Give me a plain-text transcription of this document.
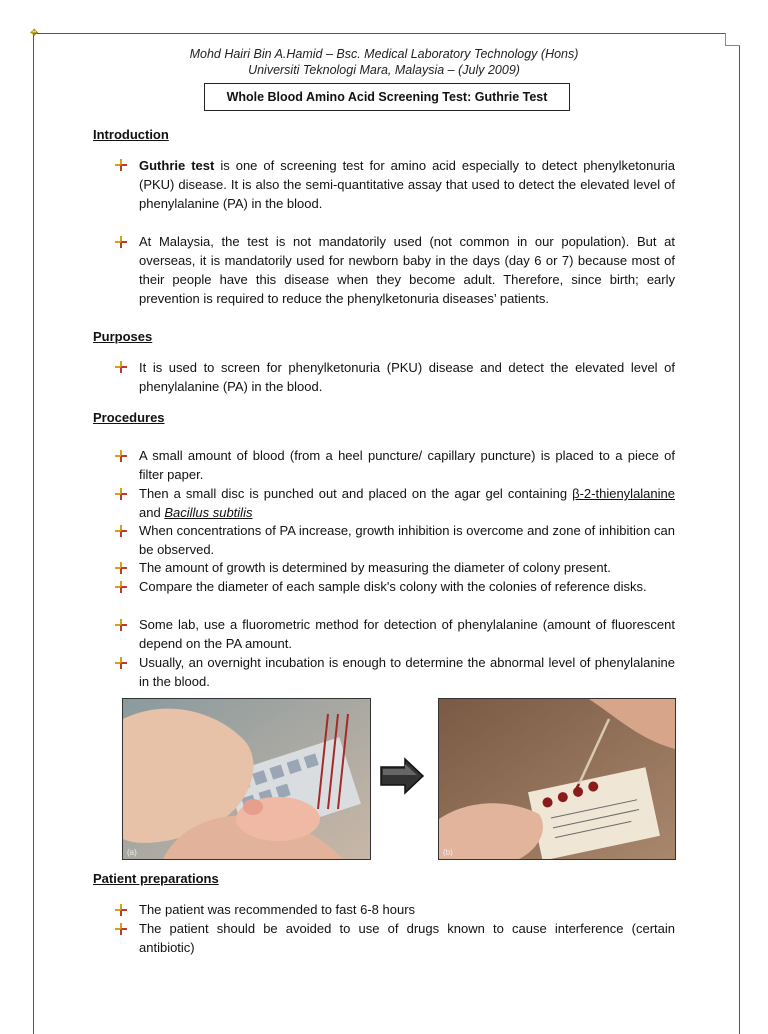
✥
Mohd Hairi Bin A.Hamid – Bsc. Medical Laboratory Technology (Hons)
Universiti Teknologi Mara, Malaysia – (July 2009)
Whole Blood Amino Acid Screening Test: Guthrie Test
Introduction
Guthrie test is one of screening test for amino acid especially to detect phenylketonuria (PKU) disease. It is also the semi-quantitative assay that used to detect the elevated level of phenylalanine (PA) in the blood.
At Malaysia, the test is not mandatorily used (not common in our population). But at overseas, it is mandatorily used for newborn baby in the days (day 6 or 7) because most of their people have this disease when they become adult. Therefore, since birth; early prevention is required to reduce the phenylketonuria diseases’ patients.
Purposes
It is used to screen for phenylketonuria (PKU) disease and detect the elevated level of phenylalanine (PA) in the blood.
Procedures
A small amount of blood (from a heel puncture/ capillary puncture) is placed to a piece of filter paper.
Then a small disc is punched out and placed on the agar gel containing β-2-thienylalanine and Bacillus subtilis
When concentrations of PA increase, growth inhibition is overcome and zone of inhibition can be observed.
The amount of growth is determined by measuring the diameter of colony present.
Compare the diameter of each sample disk's colony with the colonies of reference disks.
Some lab, use a fluorometric method for detection of phenylalanine (amount of fluorescent depend on the PA amount.
Usually, an overnight incubation is enough to determine the abnormal level of phenylalanine in the blood.
(a)	(b)
Patient preparations
The patient was recommended to fast 6-8 hours
The patient should be avoided to use of drugs known to cause interference (certain antibiotic)
